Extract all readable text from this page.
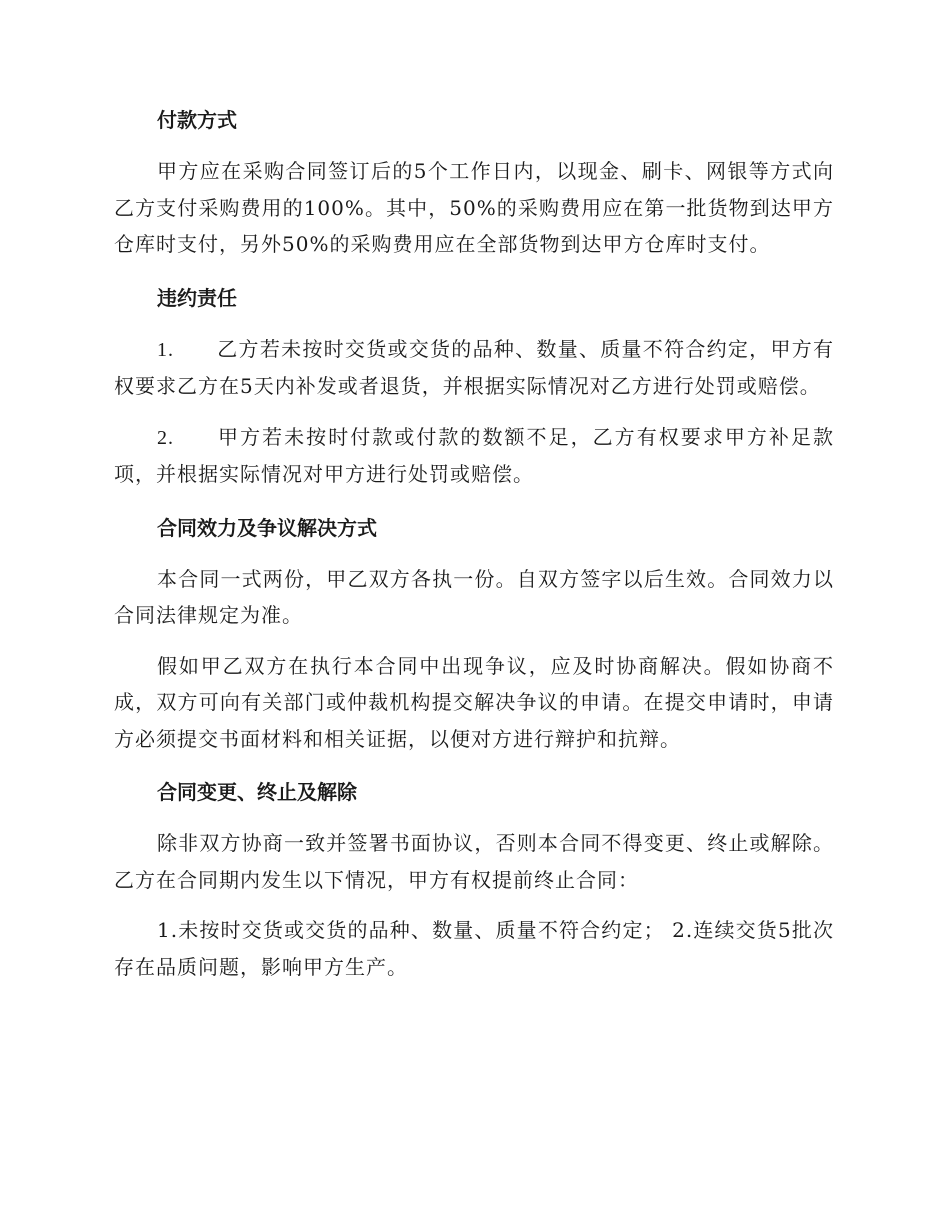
付款方式

甲方应在采购合同签订后的5个工作日内，以现金、刷卡、网银等方式向乙方支付采购费用的100%。其中，50%的采购费用应在第一批货物到达甲方仓库时支付，另外50%的采购费用应在全部货物到达甲方仓库时支付。

违约责任

1. 乙方若未按时交货或交货的品种、数量、质量不符合约定，甲方有权要求乙方在5天内补发或者退货，并根据实际情况对乙方进行处罚或赔偿。

2. 甲方若未按时付款或付款的数额不足，乙方有权要求甲方补足款项，并根据实际情况对甲方进行处罚或赔偿。

合同效力及争议解决方式

本合同一式两份，甲乙双方各执一份。自双方签字以后生效。合同效力以合同法律规定为准。

假如甲乙双方在执行本合同中出现争议，应及时协商解决。假如协商不成，双方可向有关部门或仲裁机构提交解决争议的申请。在提交申请时，申请方必须提交书面材料和相关证据，以便对方进行辩护和抗辩。

合同变更、终止及解除

除非双方协商一致并签署书面协议，否则本合同不得变更、终止或解除。乙方在合同期内发生以下情况，甲方有权提前终止合同：

1.未按时交货或交货的品种、数量、质量不符合约定； 2.连续交货5批次存在品质问题，影响甲方生产。
